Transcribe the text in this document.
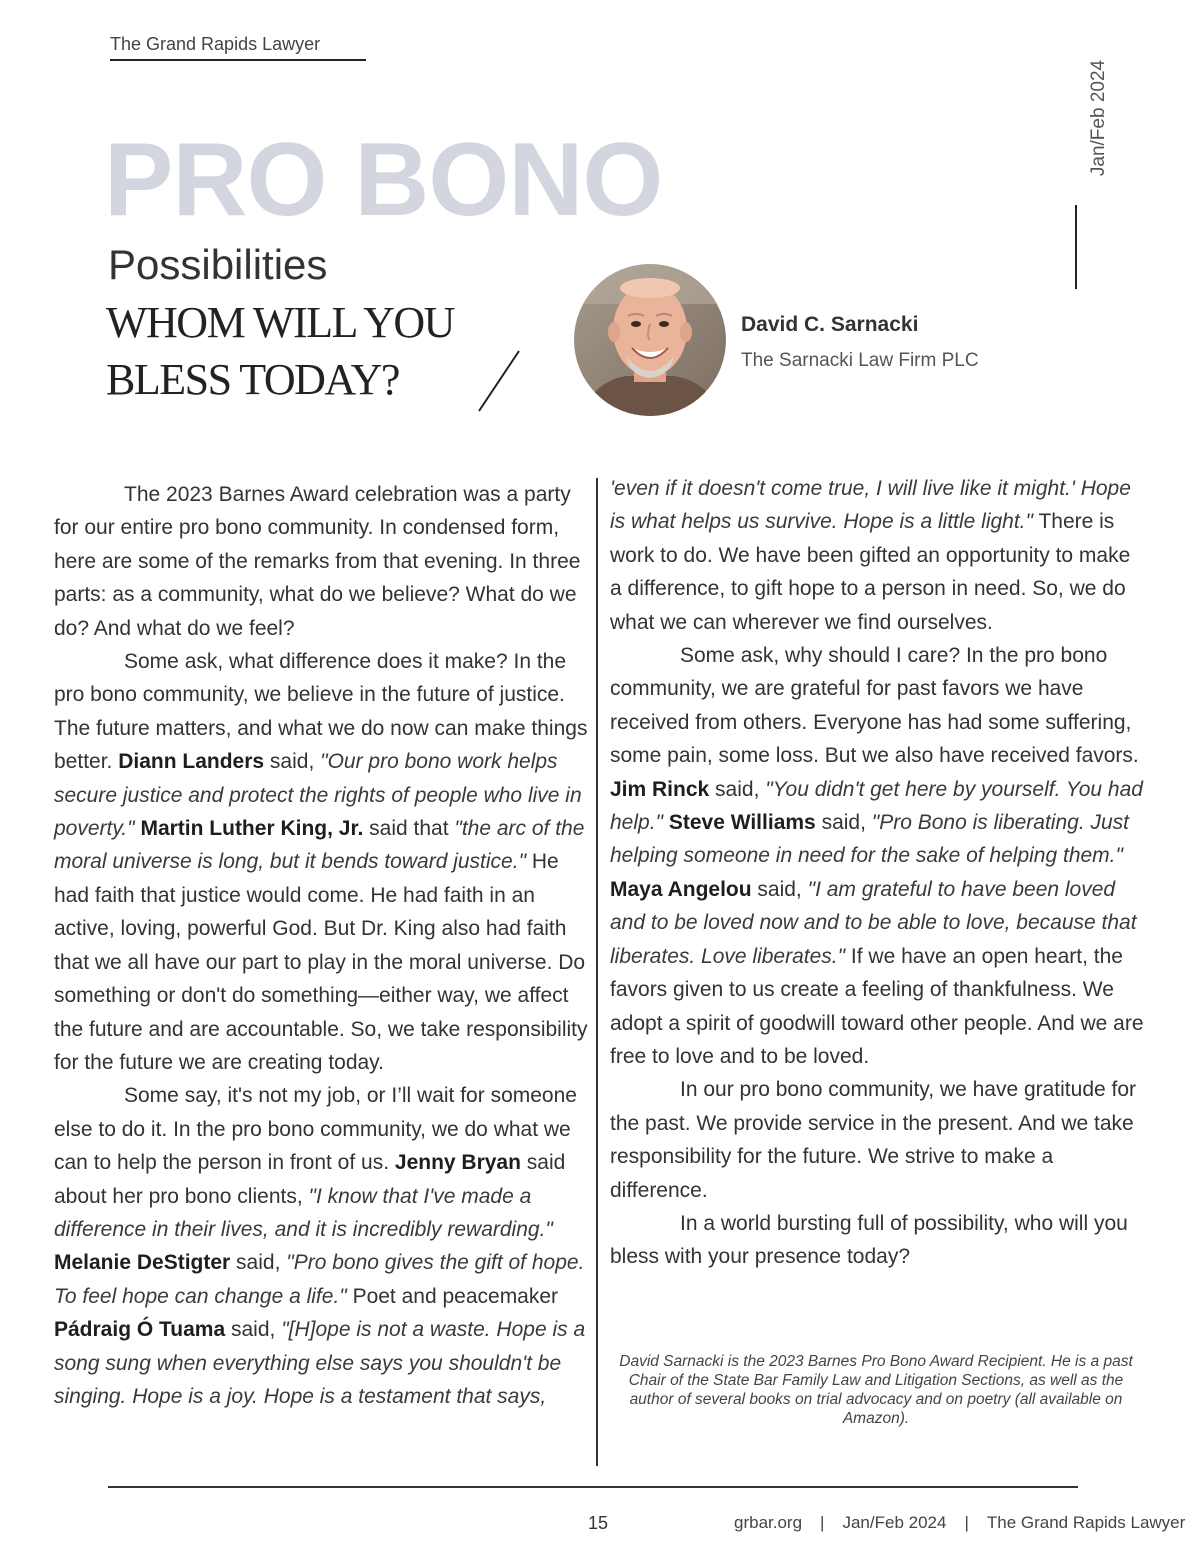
The Grand Rapids Lawyer
Jan/Feb 2024
PRO BONO
Possibilities
WHOM WILL YOU
BLESS TODAY?
David C. Sarnacki
The Sarnacki Law Firm PLC

The 2023 Barnes Award celebration was a party for our entire pro bono community. In condensed form, here are some of the remarks from that evening. In three parts: as a community, what do we believe? What do we do? And what do we feel?

Some ask, what difference does it make? In the pro bono community, we believe in the future of justice. The future matters, and what we do now can make things better. Diann Landers said, "Our pro bono work helps secure justice and protect the rights of people who live in poverty." Martin Luther King, Jr. said that "the arc of the moral universe is long, but it bends toward justice." He had faith that justice would come. He had faith in an active, loving, powerful God. But Dr. King also had faith that we all have our part to play in the moral universe. Do something or don't do something—either way, we affect the future and are accountable. So, we take responsibility for the future we are creating today.

Some say, it's not my job, or I’ll wait for someone else to do it. In the pro bono community, we do what we can to help the person in front of us. Jenny Bryan said about her pro bono clients, "I know that I've made a difference in their lives, and it is incredibly rewarding." Melanie DeStigter said, "Pro bono gives the gift of hope. To feel hope can change a life." Poet and peacemaker Pádraig Ó Tuama said, "[H]ope is not a waste. Hope is a song sung when everything else says you shouldn't be singing. Hope is a joy. Hope is a testament that says,

'even if it doesn't come true, I will live like it might.' Hope is what helps us survive. Hope is a little light." There is work to do. We have been gifted an opportunity to make a difference, to gift hope to a person in need. So, we do what we can wherever we find ourselves.

Some ask, why should I care? In the pro bono community, we are grateful for past favors we have received from others. Everyone has had some suffering, some pain, some loss. But we also have received favors. Jim Rinck said, "You didn't get here by yourself. You had help." Steve Williams said, "Pro Bono is liberating. Just helping someone in need for the sake of helping them." Maya Angelou said, "I am grateful to have been loved and to be loved now and to be able to love, because that liberates. Love liberates." If we have an open heart, the favors given to us create a feeling of thankfulness. We adopt a spirit of goodwill toward other people. And we are free to love and to be loved.

In our pro bono community, we have gratitude for the past. We provide service in the present. And we take responsibility for the future. We strive to make a difference.

In a world bursting full of possibility, who will you bless with your presence today?

David Sarnacki is the 2023 Barnes Pro Bono Award Recipient. He is a past Chair of the State Bar Family Law and Litigation Sections, as well as the author of several books on trial advocacy and on poetry (all available on Amazon).
15	grbar.org | Jan/Feb 2024 | The Grand Rapids Lawyer
